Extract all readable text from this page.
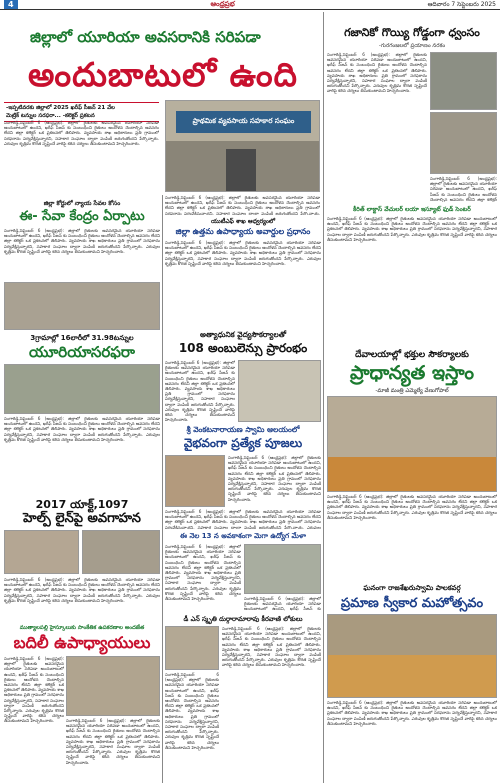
4	ఆంధ్రప్రభ	ఆదివారం 7 సెప్టెంబరు 2025
జిల్లాలో యూరియా అవసరానికి సరిపడా
అందుబాటులో ఉంది
-ఇప్పటివరకు జిల్లాలో 2025 ఖరీఫ్ సీజన్ 21 వేల
మెట్రిక్ టన్నుల సరఫరా... -కలెక్టర్ ప్రకటన
సంగారెడ్డి,సెప్టెంబర్ 6 (ఆంధ్రప్రభ): జిల్లాలో రైతులకు అవసరమైన యూరియా సరిపడా అందుబాటులో ఉందని, ఖరీఫ్ సీజన్ కు సంబంధించి రైతులు ఆందోళన చెందాల్సిన అవసరం లేదని జిల్లా కలెక్టర్ ఒక ప్రకటనలో తెలిపారు. వ్యవసాయ శాఖ అధికారులు ప్రతి గ్రామంలో సరఫరాను పర్యవేక్షిస్తున్నారని, సహకార సంఘాల ద్వారా పంపిణీ జరుగుతోందని పేర్కొన్నారు. ఎరువుల కృత్రిమ కొరత సృష్టించే వారిపై కఠిన చర్యలు తీసుకుంటామని హెచ్చరించారు.
ప్రాథమిక వ్యవసాయ సహకార సంఘం
సంగారెడ్డి,సెప్టెంబర్ 6 (ఆంధ్రప్రభ): జిల్లాలో రైతులకు అవసరమైన యూరియా సరిపడా అందుబాటులో ఉందని, ఖరీఫ్ సీజన్ కు సంబంధించి రైతులు ఆందోళన చెందాల్సిన అవసరం లేదని జిల్లా కలెక్టర్ ఒక ప్రకటనలో తెలిపారు. వ్యవసాయ శాఖ అధికారులు ప్రతి గ్రామంలో సరఫరాను పర్యవేక్షిస్తున్నారని, సహకార సంఘాల ద్వారా పంపిణీ జరుగుతోందని పేర్కొన్నారు.
జిల్లా కోర్టులో న్యాయ సేవల కోసం
ఈ- సేవా కేంద్రం ఏర్పాటు
సంగారెడ్డి,సెప్టెంబర్ 6 (ఆంధ్రప్రభ): జిల్లాలో రైతులకు అవసరమైన యూరియా సరిపడా అందుబాటులో ఉందని, ఖరీఫ్ సీజన్ కు సంబంధించి రైతులు ఆందోళన చెందాల్సిన అవసరం లేదని జిల్లా కలెక్టర్ ఒక ప్రకటనలో తెలిపారు. వ్యవసాయ శాఖ అధికారులు ప్రతి గ్రామంలో సరఫరాను పర్యవేక్షిస్తున్నారని, సహకార సంఘాల ద్వారా పంపిణీ జరుగుతోందని పేర్కొన్నారు. ఎరువుల కృత్రిమ కొరత సృష్టించే వారిపై కఠిన చర్యలు తీసుకుంటామని హెచ్చరించారు.
3గ్రామాల్లో 16లారీలో 31.98టన్నుల
యూరియాసరఫరా
సంగారెడ్డి,సెప్టెంబర్ 6 (ఆంధ్రప్రభ): జిల్లాలో రైతులకు అవసరమైన యూరియా సరిపడా అందుబాటులో ఉందని, ఖరీఫ్ సీజన్ కు సంబంధించి రైతులు ఆందోళన చెందాల్సిన అవసరం లేదని జిల్లా కలెక్టర్ ఒక ప్రకటనలో తెలిపారు. వ్యవసాయ శాఖ అధికారులు ప్రతి గ్రామంలో సరఫరాను పర్యవేక్షిస్తున్నారని, సహకార సంఘాల ద్వారా పంపిణీ జరుగుతోందని పేర్కొన్నారు. ఎరువుల కృత్రిమ కొరత సృష్టించే వారిపై కఠిన చర్యలు తీసుకుంటామని హెచ్చరించారు.
2017 యాక్ట్,1097
హెల్ప్ లైన్‌పై అవగాహన
సంగారెడ్డి,సెప్టెంబర్ 6 (ఆంధ్రప్రభ): జిల్లాలో రైతులకు అవసరమైన యూరియా సరిపడా అందుబాటులో ఉందని, ఖరీఫ్ సీజన్ కు సంబంధించి రైతులు ఆందోళన చెందాల్సిన అవసరం లేదని జిల్లా కలెక్టర్ ఒక ప్రకటనలో తెలిపారు. వ్యవసాయ శాఖ అధికారులు ప్రతి గ్రామంలో సరఫరాను పర్యవేక్షిస్తున్నారని, సహకార సంఘాల ద్వారా పంపిణీ జరుగుతోందని పేర్కొన్నారు. ఎరువుల కృత్రిమ కొరత సృష్టించే వారిపై కఠిన చర్యలు తీసుకుంటామని హెచ్చరించారు.
ముత్యాలపల్లి హైస్కూలుకు సాంకేతిక ఉపకరణాల అందజేత
బదిలీ ఉపాధ్యాయులు
సంగారెడ్డి,సెప్టెంబర్ 6 (ఆంధ్రప్రభ): జిల్లాలో రైతులకు అవసరమైన యూరియా సరిపడా అందుబాటులో ఉందని, ఖరీఫ్ సీజన్ కు సంబంధించి రైతులు ఆందోళన చెందాల్సిన అవసరం లేదని జిల్లా కలెక్టర్ ఒక ప్రకటనలో తెలిపారు. వ్యవసాయ శాఖ అధికారులు ప్రతి గ్రామంలో సరఫరాను పర్యవేక్షిస్తున్నారని, సహకార సంఘాల ద్వారా పంపిణీ జరుగుతోందని పేర్కొన్నారు. ఎరువుల కృత్రిమ కొరత సృష్టించే వారిపై కఠిన చర్యలు తీసుకుంటామని హెచ్చరించారు.	సంగారెడ్డి,సెప్టెంబర్ 6 (ఆంధ్రప్రభ): జిల్లాలో రైతులకు అవసరమైన యూరియా సరిపడా అందుబాటులో ఉందని, ఖరీఫ్ సీజన్ కు సంబంధించి రైతులు ఆందోళన చెందాల్సిన అవసరం లేదని జిల్లా కలెక్టర్ ఒక ప్రకటనలో తెలిపారు. వ్యవసాయ శాఖ అధికారులు ప్రతి గ్రామంలో సరఫరాను పర్యవేక్షిస్తున్నారని, సహకార సంఘాల ద్వారా పంపిణీ జరుగుతోందని పేర్కొన్నారు. ఎరువుల కృత్రిమ కొరత సృష్టించే వారిపై కఠిన చర్యలు తీసుకుంటామని హెచ్చరించారు.
యుటీఎఫ్ శాఖ ఆధ్వర్యంలో
జిల్లా ఉత్తమ ఉపాధ్యాయ అవార్డుల ప్రధానం
సంగారెడ్డి,సెప్టెంబర్ 6 (ఆంధ్రప్రభ): జిల్లాలో రైతులకు అవసరమైన యూరియా సరిపడా అందుబాటులో ఉందని, ఖరీఫ్ సీజన్ కు సంబంధించి రైతులు ఆందోళన చెందాల్సిన అవసరం లేదని జిల్లా కలెక్టర్ ఒక ప్రకటనలో తెలిపారు. వ్యవసాయ శాఖ అధికారులు ప్రతి గ్రామంలో సరఫరాను పర్యవేక్షిస్తున్నారని, సహకార సంఘాల ద్వారా పంపిణీ జరుగుతోందని పేర్కొన్నారు. ఎరువుల కృత్రిమ కొరత సృష్టించే వారిపై కఠిన చర్యలు తీసుకుంటామని హెచ్చరించారు.
అత్యాధునిక వైద్యసౌకర్యాలతో
108 అంబులెన్సు ప్రారంభం
సంగారెడ్డి,సెప్టెంబర్ 6 (ఆంధ్రప్రభ): జిల్లాలో రైతులకు అవసరమైన యూరియా సరిపడా అందుబాటులో ఉందని, ఖరీఫ్ సీజన్ కు సంబంధించి రైతులు ఆందోళన చెందాల్సిన అవసరం లేదని జిల్లా కలెక్టర్ ఒక ప్రకటనలో తెలిపారు. వ్యవసాయ శాఖ అధికారులు ప్రతి గ్రామంలో సరఫరాను పర్యవేక్షిస్తున్నారని, సహకార సంఘాల ద్వారా పంపిణీ జరుగుతోందని పేర్కొన్నారు. ఎరువుల కృత్రిమ కొరత సృష్టించే వారిపై కఠిన చర్యలు తీసుకుంటామని హెచ్చరించారు.
శ్రీ వెంకటనారాయణ స్వామి ఆలయంలో
వైభవంగా ప్రత్యేక పూజలు
సంగారెడ్డి,సెప్టెంబర్ 6 (ఆంధ్రప్రభ): జిల్లాలో రైతులకు అవసరమైన యూరియా సరిపడా అందుబాటులో ఉందని, ఖరీఫ్ సీజన్ కు సంబంధించి రైతులు ఆందోళన చెందాల్సిన అవసరం లేదని జిల్లా కలెక్టర్ ఒక ప్రకటనలో తెలిపారు. వ్యవసాయ శాఖ అధికారులు ప్రతి గ్రామంలో సరఫరాను పర్యవేక్షిస్తున్నారని, సహకార సంఘాల ద్వారా పంపిణీ జరుగుతోందని పేర్కొన్నారు. ఎరువుల కృత్రిమ కొరత సృష్టించే వారిపై కఠిన చర్యలు తీసుకుంటామని హెచ్చరించారు.
సంగారెడ్డి,సెప్టెంబర్ 6 (ఆంధ్రప్రభ): జిల్లాలో రైతులకు అవసరమైన యూరియా సరిపడా అందుబాటులో ఉందని, ఖరీఫ్ సీజన్ కు సంబంధించి రైతులు ఆందోళన చెందాల్సిన అవసరం లేదని జిల్లా కలెక్టర్ ఒక ప్రకటనలో తెలిపారు. వ్యవసాయ శాఖ అధికారులు ప్రతి గ్రామంలో సరఫరాను పర్యవేక్షిస్తున్నారని, సహకార సంఘాల ద్వారా పంపిణీ జరుగుతోందని పేర్కొన్నారు. ఎరువుల
ఈ నెల 13 న అవకాశంగా మెగా ఉద్యోగ మేళా
సంగారెడ్డి,సెప్టెంబర్ 6 (ఆంధ్రప్రభ): జిల్లాలో రైతులకు అవసరమైన యూరియా సరిపడా అందుబాటులో ఉందని, ఖరీఫ్ సీజన్ కు సంబంధించి రైతులు ఆందోళన చెందాల్సిన అవసరం లేదని జిల్లా కలెక్టర్ ఒక ప్రకటనలో తెలిపారు. వ్యవసాయ శాఖ అధికారులు ప్రతి గ్రామంలో సరఫరాను పర్యవేక్షిస్తున్నారని, సహకార సంఘాల ద్వారా పంపిణీ జరుగుతోందని పేర్కొన్నారు. ఎరువుల కృత్రిమ కొరత సృష్టించే వారిపై కఠిన చర్యలు తీసుకుంటామని హెచ్చరించారు.	సంగారెడ్డి,సెప్టెంబర్ 6 (ఆంధ్రప్రభ): జిల్లాలో రైతులకు అవసరమైన యూరియా సరిపడా అందుబాటులో ఉందని, ఖరీఫ్ సీజన్ కు
డీ ఎన్ స్మృతి దుర్గారామారావు కీరవాణి లోకులు
సంగారెడ్డి,సెప్టెంబర్ 6 (ఆంధ్రప్రభ): జిల్లాలో రైతులకు అవసరమైన యూరియా సరిపడా అందుబాటులో ఉందని, ఖరీఫ్ సీజన్ కు సంబంధించి రైతులు ఆందోళన చెందాల్సిన అవసరం లేదని జిల్లా కలెక్టర్ ఒక ప్రకటనలో తెలిపారు. వ్యవసాయ శాఖ అధికారులు ప్రతి గ్రామంలో సరఫరాను పర్యవేక్షిస్తున్నారని, సహకార సంఘాల ద్వారా పంపిణీ జరుగుతోందని పేర్కొన్నారు. ఎరువుల కృత్రిమ కొరత సృష్టించే వారిపై కఠిన చర్యలు తీసుకుంటామని హెచ్చరించారు.
సంగారెడ్డి,సెప్టెంబర్ 6 (ఆంధ్రప్రభ): జిల్లాలో రైతులకు అవసరమైన యూరియా సరిపడా అందుబాటులో ఉందని, ఖరీఫ్ సీజన్ కు సంబంధించి రైతులు ఆందోళన చెందాల్సిన అవసరం లేదని జిల్లా కలెక్టర్ ఒక ప్రకటనలో తెలిపారు. వ్యవసాయ శాఖ అధికారులు ప్రతి గ్రామంలో సరఫరాను పర్యవేక్షిస్తున్నారని, సహకార సంఘాల ద్వారా పంపిణీ జరుగుతోందని పేర్కొన్నారు. ఎరువుల కృత్రిమ కొరత సృష్టించే వారిపై కఠిన చర్యలు తీసుకుంటామని హెచ్చరించారు.
గజానికో గొయ్యి గోడ్డంగా ధ్వంసం
-గురగంజలలో ప్రయాణం నరకం
సంగారెడ్డి,సెప్టెంబర్ 6 (ఆంధ్రప్రభ): జిల్లాలో రైతులకు అవసరమైన యూరియా సరిపడా అందుబాటులో ఉందని, ఖరీఫ్ సీజన్ కు సంబంధించి రైతులు ఆందోళన చెందాల్సిన అవసరం లేదని జిల్లా కలెక్టర్ ఒక ప్రకటనలో తెలిపారు. వ్యవసాయ శాఖ అధికారులు ప్రతి గ్రామంలో సరఫరాను పర్యవేక్షిస్తున్నారని, సహకార సంఘాల ద్వారా పంపిణీ జరుగుతోందని పేర్కొన్నారు. ఎరువుల కృత్రిమ కొరత సృష్టించే వారిపై కఠిన చర్యలు తీసుకుంటామని హెచ్చరించారు.
సంగారెడ్డి,సెప్టెంబర్ 6 (ఆంధ్రప్రభ): జిల్లాలో రైతులకు అవసరమైన యూరియా సరిపడా అందుబాటులో ఉందని, ఖరీఫ్ సీజన్ కు సంబంధించి రైతులు ఆందోళన చెందాల్సిన అవసరం లేదని జిల్లా కలెక్టర్
కీరిత్ లాక్టాస్ వేచులర్ లయా ఇస్యూట్ ఫుడ్ సెంటర్
సంగారెడ్డి,సెప్టెంబర్ 6 (ఆంధ్రప్రభ): జిల్లాలో రైతులకు అవసరమైన యూరియా సరిపడా అందుబాటులో ఉందని, ఖరీఫ్ సీజన్ కు సంబంధించి రైతులు ఆందోళన చెందాల్సిన అవసరం లేదని జిల్లా కలెక్టర్ ఒక ప్రకటనలో తెలిపారు. వ్యవసాయ శాఖ అధికారులు ప్రతి గ్రామంలో సరఫరాను పర్యవేక్షిస్తున్నారని, సహకార సంఘాల ద్వారా పంపిణీ జరుగుతోందని పేర్కొన్నారు. ఎరువుల కృత్రిమ కొరత సృష్టించే వారిపై కఠిన చర్యలు తీసుకుంటామని హెచ్చరించారు.
దేవాలయాల్లో భక్తుల సౌకర్యాలకు
ప్రాధాన్యత ఇస్తాం
-మాజీ మంత్రి ఎమ్మెల్యే వేణుగోపాల్
సంగారెడ్డి,సెప్టెంబర్ 6 (ఆంధ్రప్రభ): జిల్లాలో రైతులకు అవసరమైన యూరియా సరిపడా అందుబాటులో ఉందని, ఖరీఫ్ సీజన్ కు సంబంధించి రైతులు ఆందోళన చెందాల్సిన అవసరం లేదని జిల్లా కలెక్టర్ ఒక ప్రకటనలో తెలిపారు. వ్యవసాయ శాఖ అధికారులు ప్రతి గ్రామంలో సరఫరాను పర్యవేక్షిస్తున్నారని, సహకార సంఘాల ద్వారా పంపిణీ జరుగుతోందని పేర్కొన్నారు. ఎరువుల కృత్రిమ కొరత సృష్టించే వారిపై కఠిన చర్యలు తీసుకుంటామని హెచ్చరించారు.
ఘనంగా రాజశేఖరుస్వామి పాలకవర్గ
ప్రమాణ స్వీకార మహోత్సవం
సంగారెడ్డి,సెప్టెంబర్ 6 (ఆంధ్రప్రభ): జిల్లాలో రైతులకు అవసరమైన యూరియా సరిపడా అందుబాటులో ఉందని, ఖరీఫ్ సీజన్ కు సంబంధించి రైతులు ఆందోళన చెందాల్సిన అవసరం లేదని జిల్లా కలెక్టర్ ఒక ప్రకటనలో తెలిపారు. వ్యవసాయ శాఖ అధికారులు ప్రతి గ్రామంలో సరఫరాను పర్యవేక్షిస్తున్నారని, సహకార సంఘాల ద్వారా పంపిణీ జరుగుతోందని పేర్కొన్నారు. ఎరువుల కృత్రిమ కొరత సృష్టించే వారిపై కఠిన చర్యలు తీసుకుంటామని హెచ్చరించారు.
